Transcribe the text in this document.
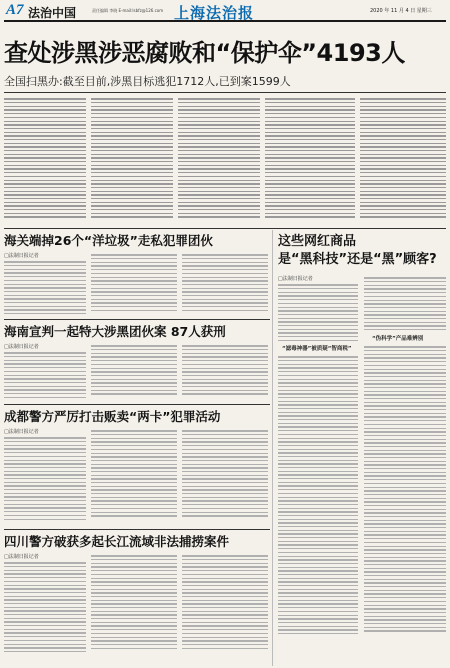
A7 法治中国	责任编辑 李晓 E-mail:lsbfz@126.com 上海法治报	2020 年 11 月 4 日 星期三
查处涉黑涉恶腐败和“保护伞”4193人
全国扫黑办:截至目前,涉黑目标逃犯1712人,已到案1599人
海关端掉26个“洋垃圾”走私犯罪团伙
□法制日报记者
海南宣判一起特大涉黑团伙案 87人获刑
□法制日报记者
成都警方严厉打击贩卖“两卡”犯罪活动
□法制日报记者
四川警方破获多起长江流域非法捕捞案件
□法制日报记者
这些网红商品
是“黑科技”还是“黑”顾客?
□法制日报记者
“滤毒神器”被质疑“智商税”
“伪科学”产品难辨别
